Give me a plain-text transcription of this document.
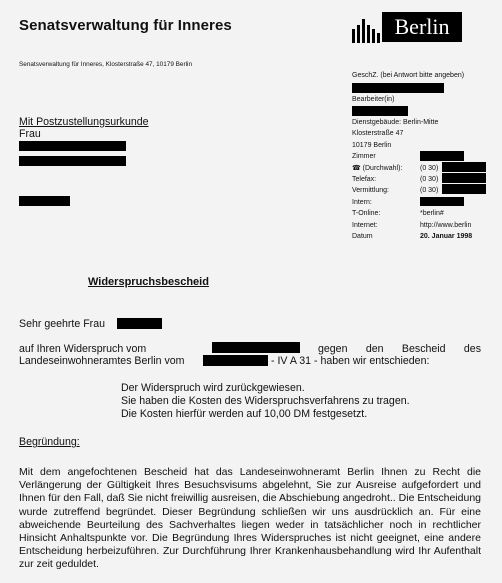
Senatsverwaltung für Inneres
Senatsverwaltung für Inneres, Klosterstraße 47, 10179 Berlin
Berlin
GeschZ. (bei Antwort bitte angeben)
Bearbeiter(in)
Dienstgebäude: Berlin-Mitte
Klosterstraße 47
10179 Berlin
Zimmer
☎ (Durchwahl):	(0 30)
Telefax:	(0 30)
Vermittlung:	(0 30)
Intern:
T-Online:	*berlin#
Internet:	http://www.berlin
Datum	20. Januar 1998
Mit Postzustellungsurkunde
Frau
Widerspruchsbescheid
Sehr geehrte Frau
auf Ihren Widerspruch vom	gegen den Bescheid des
Landeseinwohneramtes Berlin vom	- IV A 31 - haben wir entschieden:
Der Widerspruch wird zurückgewiesen.
Sie haben die Kosten des Widerspruchsverfahrens zu tragen.
Die Kosten hierfür werden auf 10,00 DM festgesetzt.
Begründung:

Mit dem angefochtenen Bescheid hat das Landeseinwohneramt Berlin Ihnen zu Recht die Verlängerung der Gültigkeit Ihres Besuchsvisums abgelehnt, Sie zur Ausreise aufgefordert und Ihnen für den Fall, daß Sie nicht freiwillig ausreisen, die Abschiebung angedroht.. Die Entscheidung wurde zutreffend begründet. Dieser Begründung schließen wir uns ausdrücklich an. Für eine abweichende Beurteilung des Sachverhaltes liegen weder in tatsächlicher noch in rechtlicher Hinsicht Anhaltspunkte vor. Die Begründung Ihres Widerspruches ist nicht geeignet, eine andere Entscheidung herbeizuführen. Zur Durchführung Ihrer Krankenhausbehandlung wird Ihr Aufenthalt zur zeit geduldet.
